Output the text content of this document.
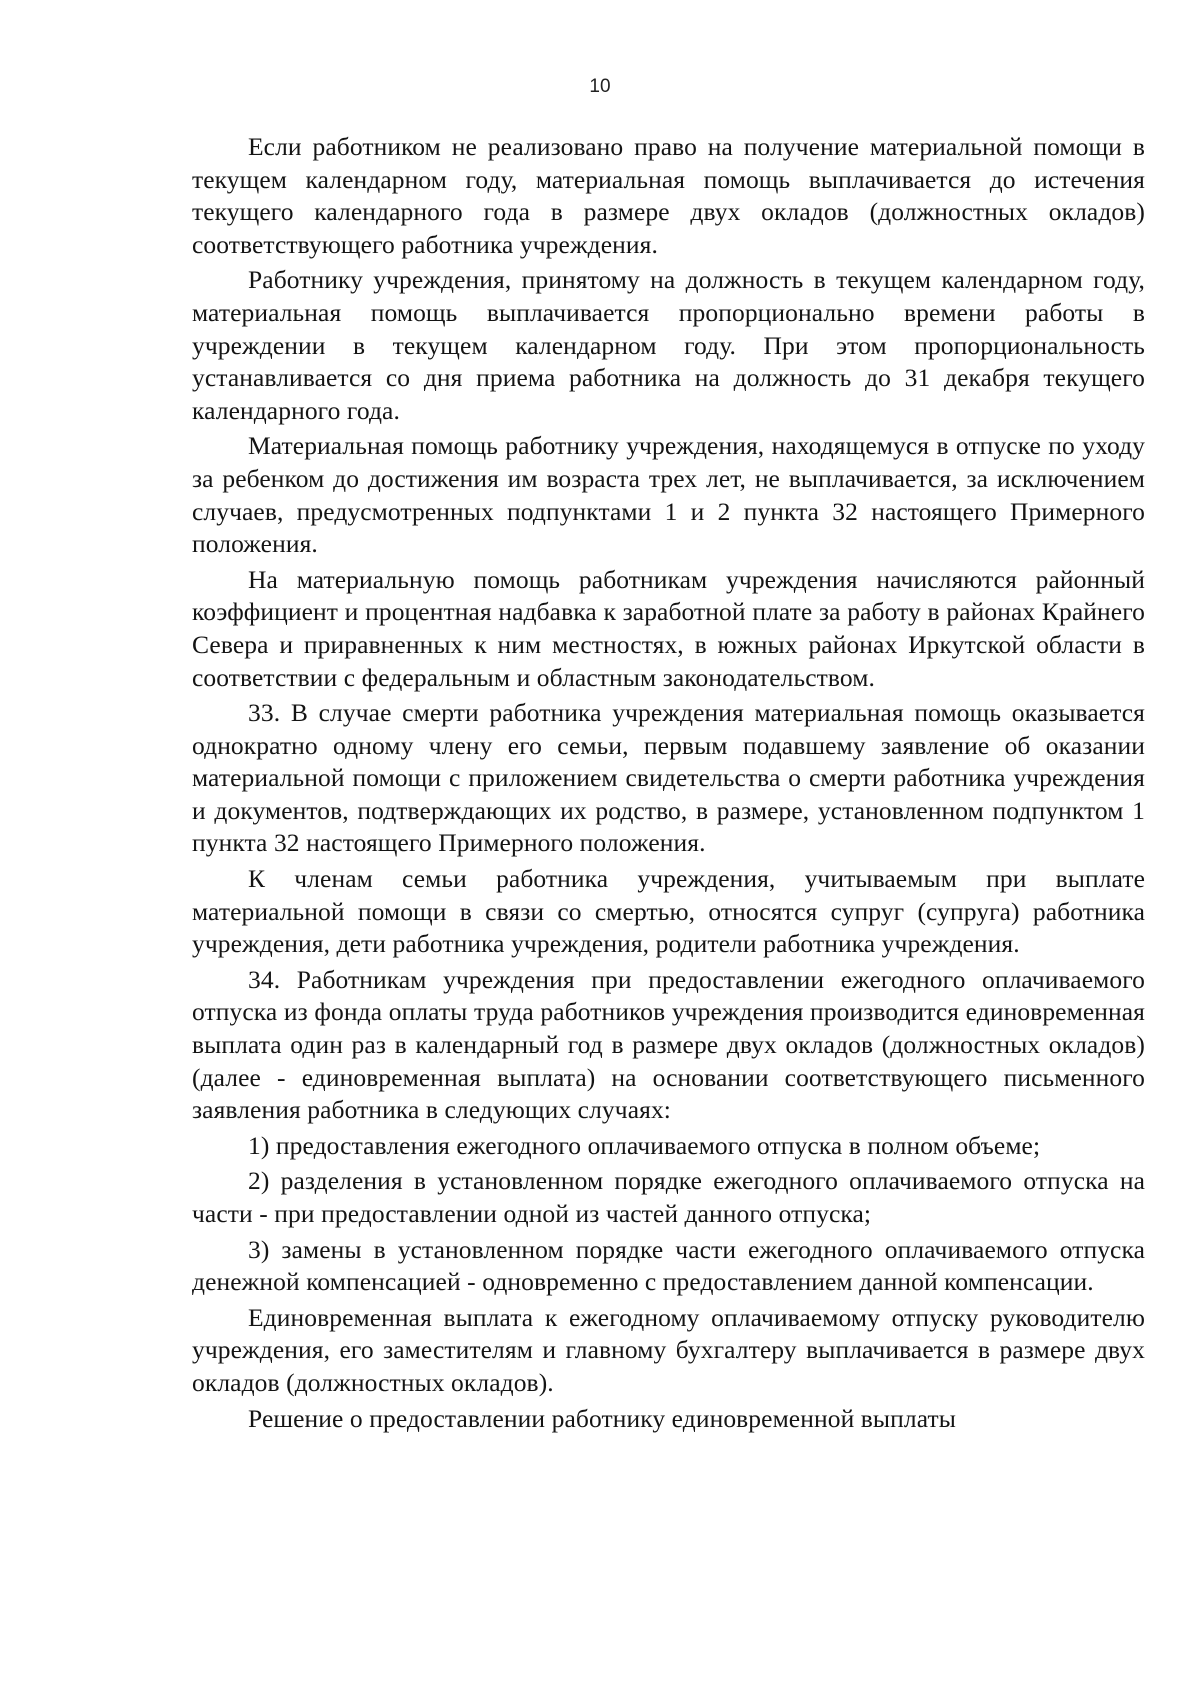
10

Если работником не реализовано право на получение материальной помощи в текущем календарном году, материальная помощь выплачивается до истечения текущего календарного года в размере двух окладов (должностных окладов) соответствующего работника учреждения.

Работнику учреждения, принятому на должность в текущем календарном году, материальная помощь выплачивается пропорционально времени работы в учреждении в текущем календарном году. При этом пропорциональность устанавливается со дня приема работника на должность до 31 декабря текущего календарного года.

Материальная помощь работнику учреждения, находящемуся в отпуске по уходу за ребенком до достижения им возраста трех лет, не выплачивается, за исключением случаев, предусмотренных подпунктами 1 и 2 пункта 32 настоящего Примерного положения.

На материальную помощь работникам учреждения начисляются районный коэффициент и процентная надбавка к заработной плате за работу в районах Крайнего Севера и приравненных к ним местностях, в южных районах Иркутской области в соответствии с федеральным и областным законодательством.

33. В случае смерти работника учреждения материальная помощь оказывается однократно одному члену его семьи, первым подавшему заявление об оказании материальной помощи с приложением свидетельства о смерти работника учреждения и документов, подтверждающих их родство, в размере, установленном подпунктом 1 пункта 32 настоящего Примерного положения.

К членам семьи работника учреждения, учитываемым при выплате материальной помощи в связи со смертью, относятся супруг (супруга) работника учреждения, дети работника учреждения, родители работника учреждения.

34. Работникам учреждения при предоставлении ежегодного оплачиваемого отпуска из фонда оплаты труда работников учреждения производится единовременная выплата один раз в календарный год в размере двух окладов (должностных окладов) (далее - единовременная выплата) на основании соответствующего письменного заявления работника в следующих случаях:

1) предоставления ежегодного оплачиваемого отпуска в полном объеме;

2) разделения в установленном порядке ежегодного оплачиваемого отпуска на части - при предоставлении одной из частей данного отпуска;

3) замены в установленном порядке части ежегодного оплачиваемого отпуска денежной компенсацией - одновременно с предоставлением данной компенсации.

Единовременная выплата к ежегодному оплачиваемому отпуску руководителю учреждения, его заместителям и главному бухгалтеру выплачивается в размере двух окладов (должностных окладов).

Решение о предоставлении работнику единовременной выплаты
